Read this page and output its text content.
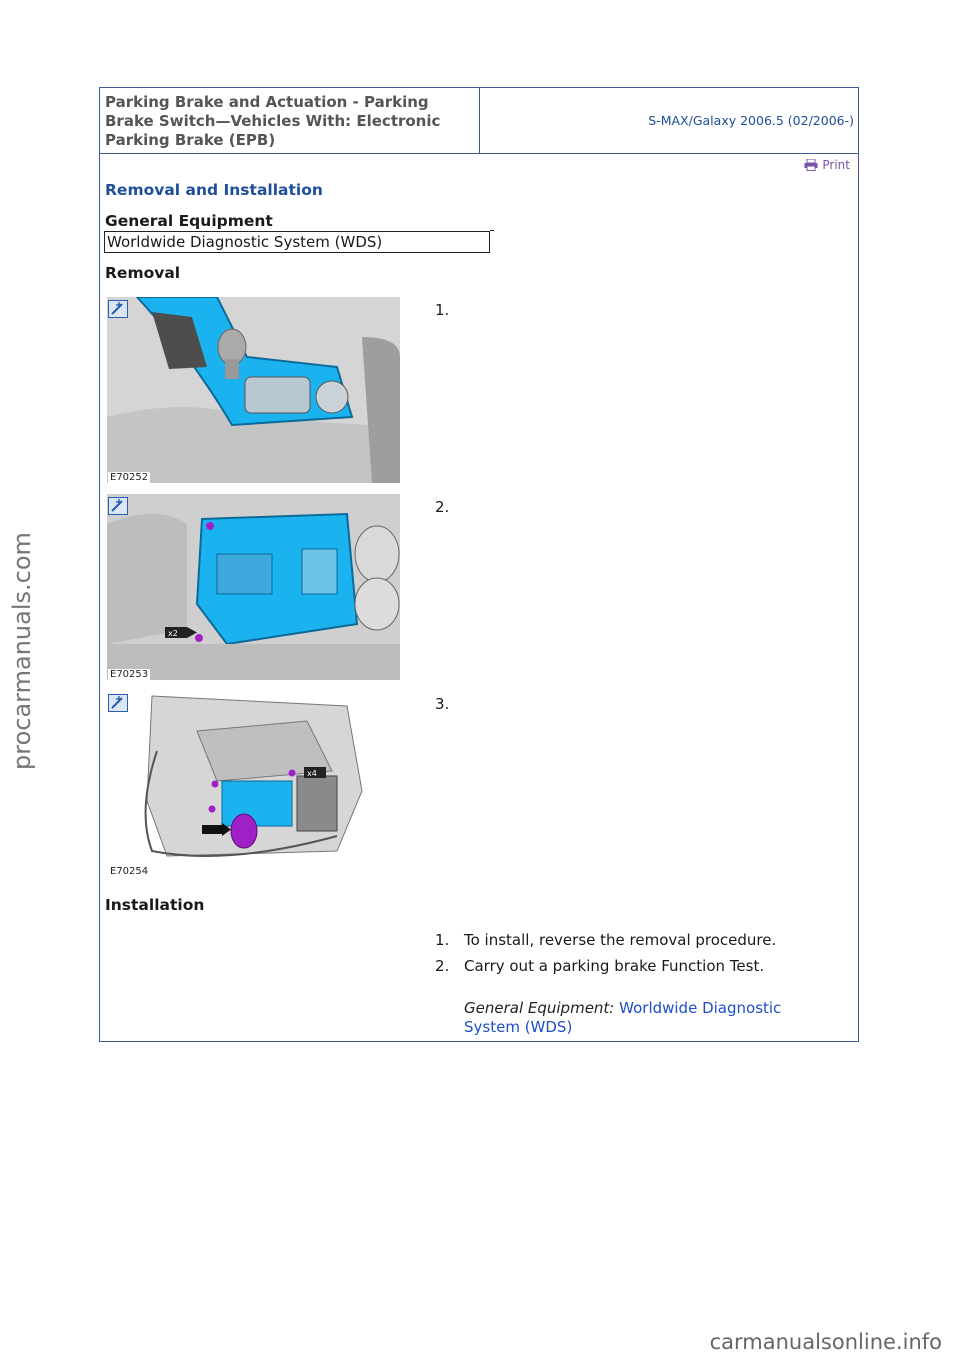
Parking Brake and Actuation - Parking
Brake Switch—Vehicles With: Electronic
Parking Brake (EPB)
S-MAX/Galaxy 2006.5 (02/2006-)
Print
Removal and Installation
General Equipment
Worldwide Diagnostic System (WDS)
Removal
E70252
1.
x2
E70253
2.
x4
E70254
3.
Installation
1. To install, reverse the removal procedure.
2. Carry out a parking brake Function Test.
General Equipment: Worldwide Diagnostic System (WDS)
procarmanuals.com
carmanualsonline.info
